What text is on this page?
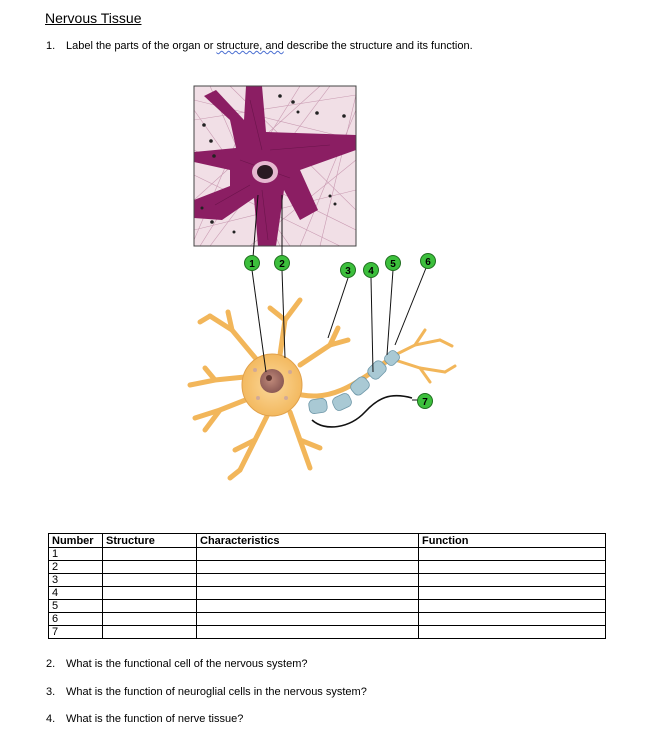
Nervous Tissue
1. Label the parts of the organ or structure, and describe the structure and its function.
1 2
3 4
5	6
7
Number	Structure	Characteristics	Function
1			
2			
3			
4			
5			
6			
7			
2. What is the functional cell of the nervous system?
3. What is the function of neuroglial cells in the nervous system?
4. What is the function of nerve tissue?
